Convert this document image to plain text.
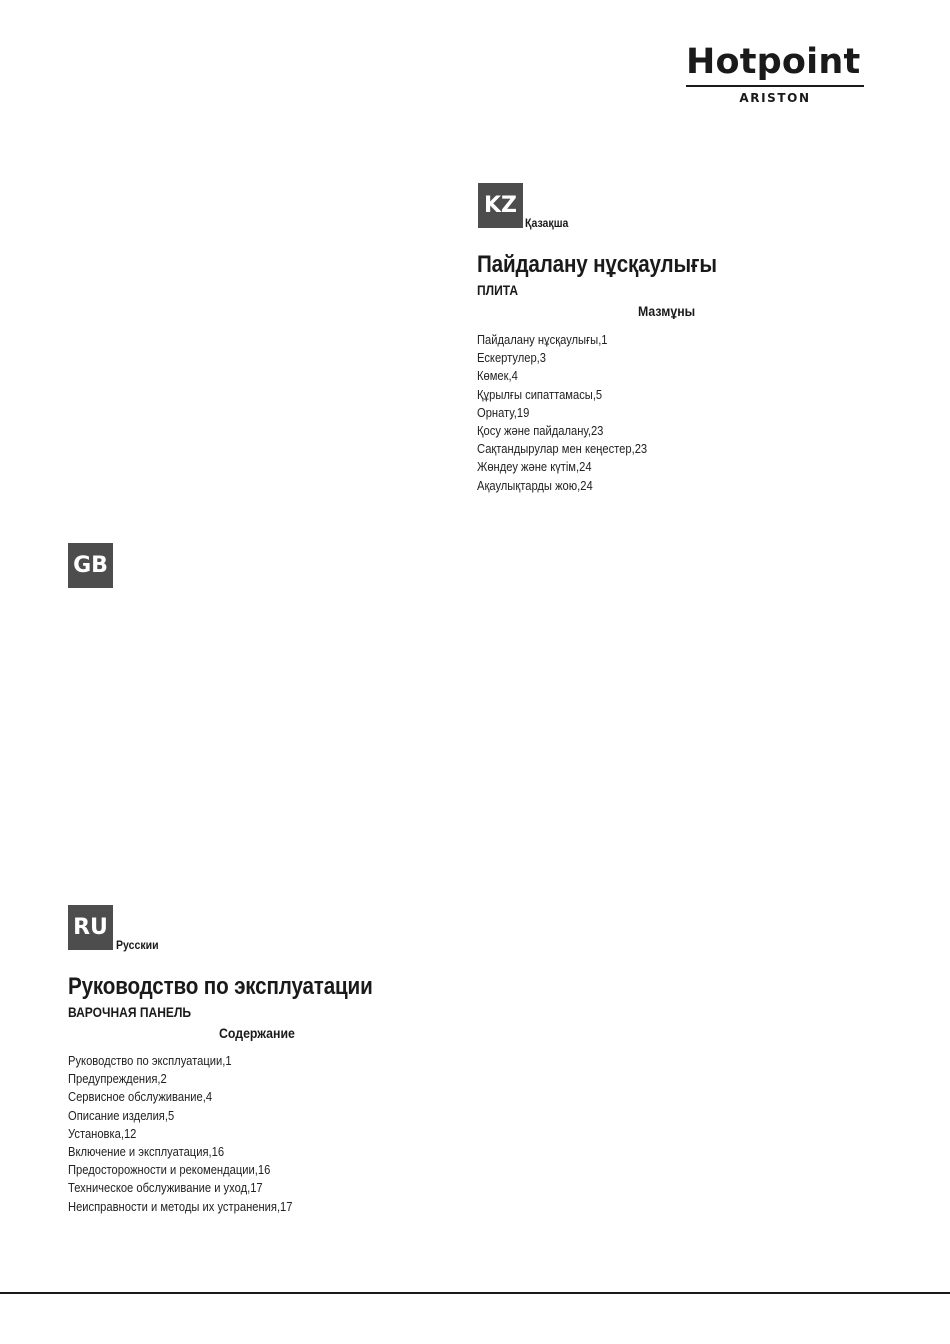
Hotpoint
ARISTON
KZ
Қазақша
Пайдалану нұсқаулығы
ПЛИТА
Мазмұны
Пайдалану нұсқаулығы,1
Ескертулер,3
Көмек,4
Құрылғы сипаттамасы,5
Орнату,19
Қосу және пайдалану,23
Сақтандырулар мен кеңестер,23
Жөндеу және күтім,24
Ақаулықтарды жою,24
GB
RU
Русскии
Руководство по эксплуатации
ВАРОЧНАЯ ПАНЕЛЬ
Содержание
Руководство по эксплуатации,1
Предупреждения,2
Сервисное обслуживание,4
Описание изделия,5
Установка,12
Включение и эксплуатация,16
Предосторожности и рекомендации,16
Техническое обслуживание и уход,17
Неисправности и методы их устранения,17
